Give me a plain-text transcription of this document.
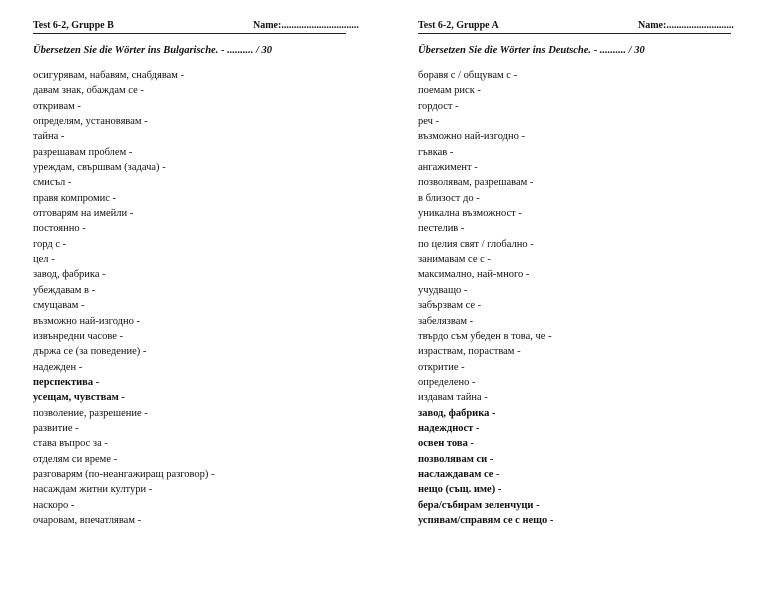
Test 6-2, Gruppe B	Name:...............................
Übersetzen Sie die Wörter ins Bulgarische. - .......... / 30
осигурявам, набавям, снабдявам -
давам знак, обаждам се -
откривам -
определям, установявам -
тайна -
разрешавам проблем -
уреждам, свършвам (задача) -
смисъл -
правя компромис -
отговарям на имейли -
постоянно -
горд с -
цел -
завод, фабрика -
убеждавам в -
смущавам -
възможно най-изгодно -
извънредни часове -
държа се (за поведение) -
надежден -
перспектива -
усещам, чувствам -
позволение, разрешение -
развитие -
става въпрос за -
отделям си време -
разговарям (по-неангажиращ разговор) -
насаждам житни култури -
наскоро -
очаровам, впечатлявам -
Test 6-2, Gruppe A	Name:...........................
Übersetzen Sie die Wörter ins Deutsche. - .......... / 30
боравя с / общувам с -
поемам риск -
гордост -
реч -
възможно най-изгодно -
гъвкав -
ангажимент -
позволявам, разрешавам -
в близост до -
уникална възможност -
пестелив -
по целия свят / глобално -
занимавам се с -
максимално, най-много -
учудващо -
забързвам се -
забелязвам -
твърдо съм убеден в това, че -
израствам, пораствам -
откритие -
определено -
издавам тайна -
завод, фабрика -
надеждност -
освен това -
позволявам си -
наслаждавам се -
нещо (същ. име) -
бера/събирам зеленчуци -
успявам/справям се с нещо -
